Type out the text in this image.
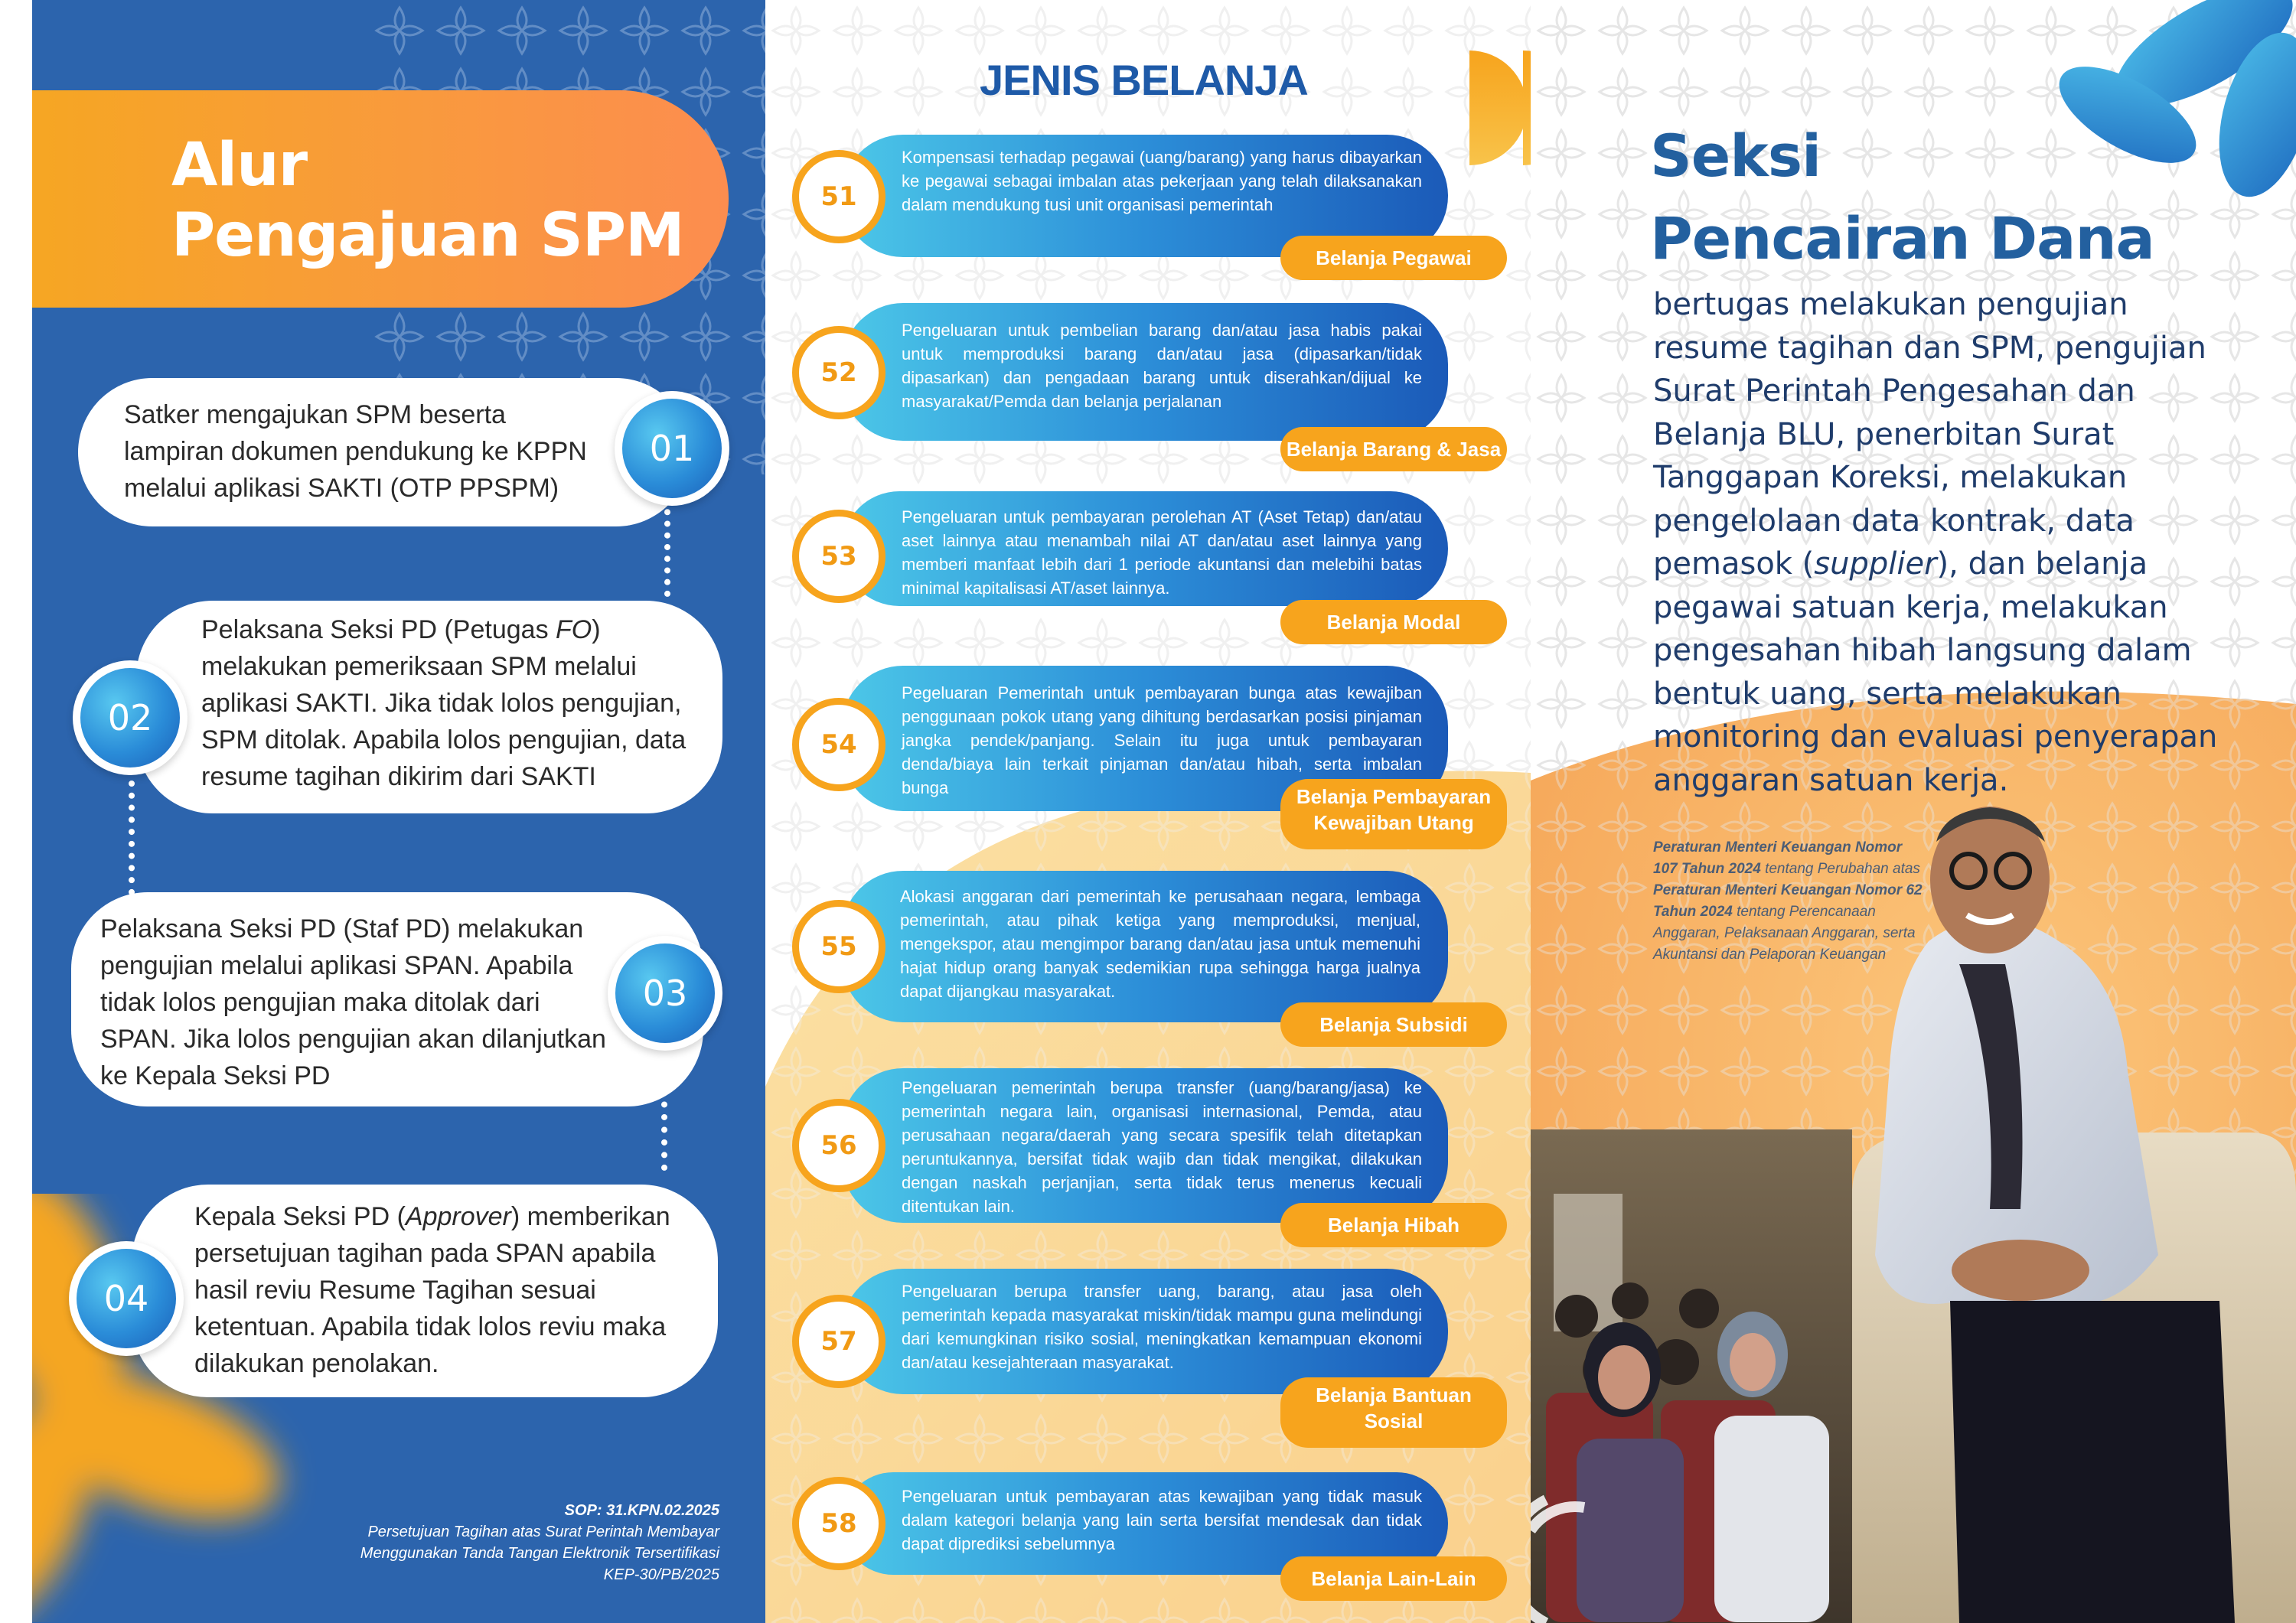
Alur
Pengajuan SPM

Satker mengajukan SPM beserta lampiran dokumen pendukung ke KPPN melalui aplikasi SAKTI (OTP PPSPM)

01

Pelaksana Seksi PD (Petugas FO) melakukan pemeriksaan SPM melalui aplikasi SAKTI. Jika tidak lolos pengujian, SPM ditolak. Apabila lolos pengujian, data resume tagihan dikirim dari SAKTI

02

Pelaksana Seksi PD (Staf PD) melakukan pengujian melalui aplikasi SPAN. Apabila tidak lolos pengujian maka ditolak dari SPAN. Jika lolos pengujian akan dilanjutkan ke Kepala Seksi PD

03

Kepala Seksi PD (Approver) memberikan persetujuan tagihan pada SPAN apabila hasil reviu Resume Tagihan sesuai ketentuan. Apabila tidak lolos reviu maka dilakukan penolakan.

04
SOP: 31.KPN.02.2025
Persetujuan Tagihan atas Surat Perintah Membayar
Menggunakan Tanda Tangan Elektronik Tersertifikasi
KEP-30/PB/2025
JENIS BELANJA

Kompensasi terhadap pegawai (uang/barang) yang harus dibayarkan ke pegawai sebagai imbalan atas pekerjaan yang telah dilaksanakan dalam mendukung tusi unit organisasi pemerintah

51
Belanja Pegawai

Pengeluaran untuk pembelian barang dan/atau jasa habis pakai untuk memproduksi barang dan/atau jasa (dipasarkan/tidak dipasarkan) dan pengadaan barang untuk diserahkan/dijual ke masyarakat/Pemda dan belanja perjalanan

52
Belanja Barang & Jasa

Pengeluaran untuk pembayaran perolehan AT (Aset Tetap) dan/atau aset lainnya atau menambah nilai AT dan/atau aset lainnya yang memberi manfaat lebih dari 1 periode akuntansi dan melebihi batas minimal kapitalisasi AT/aset lainnya.

53
Belanja Modal

Pegeluaran Pemerintah untuk pembayaran bunga atas kewajiban penggunaan pokok utang yang dihitung berdasarkan posisi pinjaman jangka pendek/panjang. Selain itu juga untuk pembayaran denda/biaya lain terkait pinjaman dan/atau hibah, serta imbalan bunga

54
Belanja Pembayaran
Kewajiban Utang

Alokasi anggaran dari pemerintah ke perusahaan negara, lembaga pemerintah, atau pihak ketiga yang memproduksi, menjual, mengekspor, atau mengimpor barang dan/atau jasa untuk memenuhi hajat hidup orang banyak sedemikian rupa sehingga harga jualnya dapat dijangkau masyarakat.

55
Belanja Subsidi

Pengeluaran pemerintah berupa transfer (uang/barang/jasa) ke pemerintah negara lain, organisasi internasional, Pemda, atau perusahaan negara/daerah yang secara spesifik telah ditetapkan peruntukannya, bersifat tidak wajib dan tidak mengikat, dilakukan dengan naskah perjanjian, serta tidak terus menerus kecuali ditentukan lain.

56
Belanja Hibah

Pengeluaran berupa transfer uang, barang, atau jasa oleh pemerintah kepada masyarakat miskin/tidak mampu guna melindungi dari kemungkinan risiko sosial, meningkatkan kemampuan ekonomi dan/atau kesejahteraan masyarakat.

57
Belanja Bantuan
Sosial

Pengeluaran untuk pembayaran atas kewajiban yang tidak masuk dalam kategori belanja yang lain serta bersifat mendesak dan tidak dapat diprediksi sebelumnya

58
Belanja Lain-Lain
Seksi
Pencairan Dana
bertugas melakukan pengujian resume tagihan dan SPM, pengujian Surat Perintah Pengesahan dan Belanja BLU, penerbitan Surat Tanggapan Koreksi, melakukan pengelolaan data kontrak, data pemasok (supplier), dan belanja pegawai satuan kerja, melakukan pengesahan hibah langsung dalam bentuk uang, serta melakukan monitoring dan evaluasi penyerapan anggaran satuan kerja.
Peraturan Menteri Keuangan Nomor 107 Tahun 2024 tentang Perubahan atas Peraturan Menteri Keuangan Nomor 62 Tahun 2024 tentang Perencanaan Anggaran, Pelaksanaan Anggaran, serta Akuntansi dan Pelaporan Keuangan
